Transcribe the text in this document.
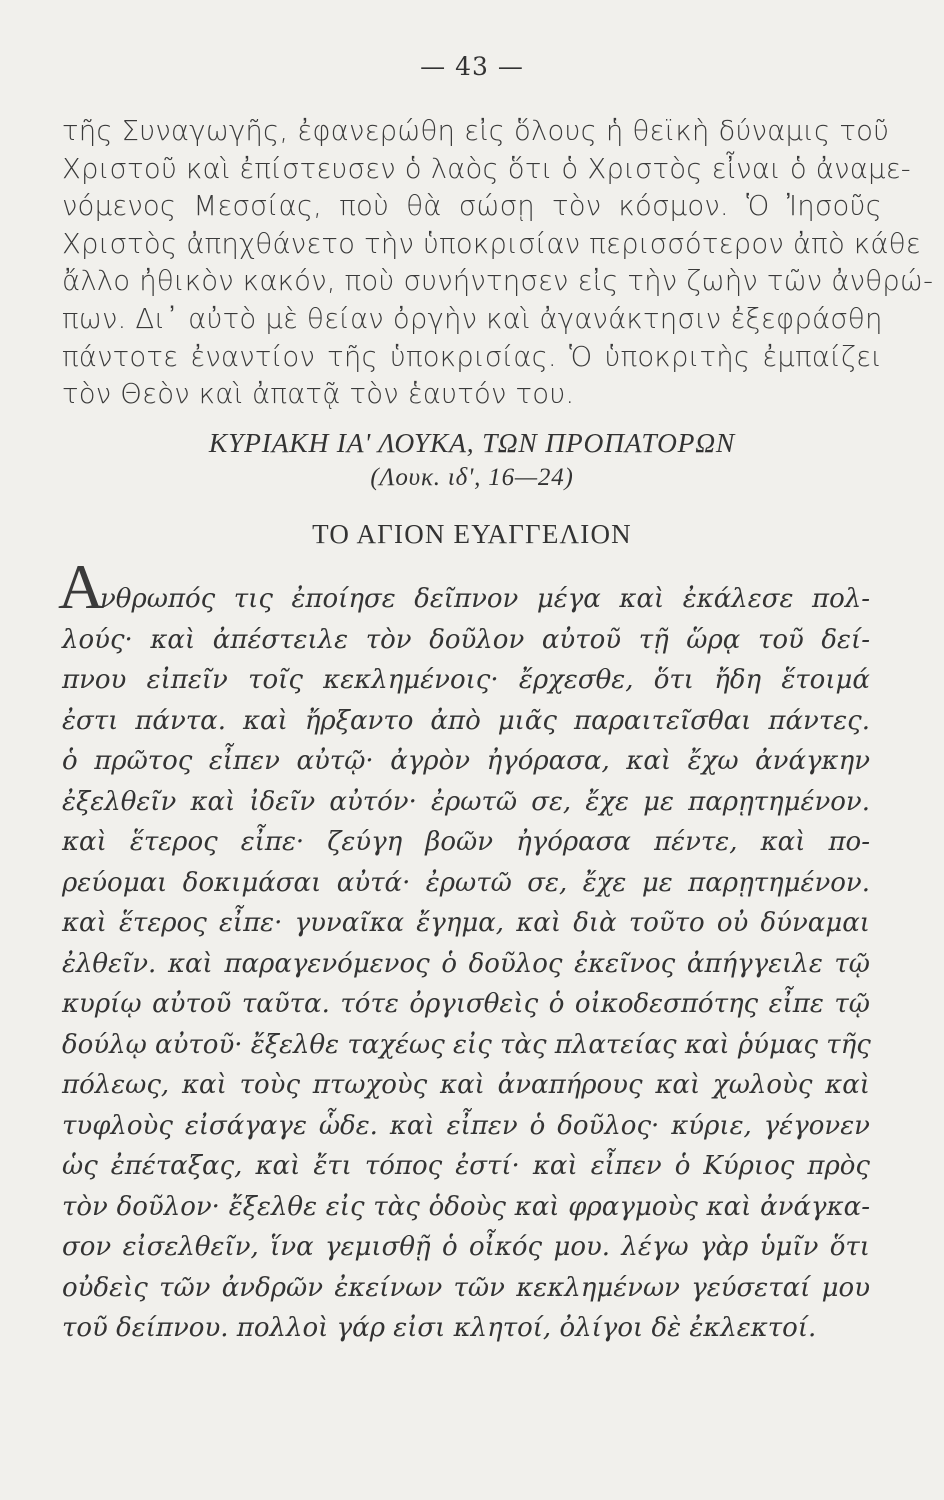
— 43 —
τῆς Συναγωγῆς, ἐφανερώθη εἰς ὅλους ἡ θεϊκὴ δύναμις τοῦ
Χριστοῦ καὶ ἐπίστευσεν ὁ λαὸς ὅτι ὁ Χριστὸς εἶναι ὁ ἀναμε-
νόμενος Μεσσίας, ποὺ θὰ σώσῃ τὸν κόσμον. Ὁ Ἰησοῦς
Χριστὸς ἀπηχθάνετο τὴν ὑποκρισίαν περισσότερον ἀπὸ κάθε
ἄλλο ἠθικὸν κακόν, ποὺ συνήντησεν εἰς τὴν ζωὴν τῶν ἀνθρώ-
πων. Δι᾿ αὐτὸ μὲ θείαν ὀργὴν καὶ ἀγανάκτησιν ἐξεφράσθη
πάντοτε ἐναντίον τῆς ὑποκρισίας. Ὁ ὑποκριτὴς ἐμπαίζει
τὸν Θεὸν καὶ ἀπατᾷ τὸν ἑαυτόν του.
ΚΥΡΙΑΚΗ ΙΑ' ΛΟΥΚΑ, ΤΩΝ ΠΡΟΠΑΤΟΡΩΝ
(Λουκ. ιδ', 16—24)
ΤΟ ΑΓΙΟΝ ΕΥΑΓΓΕΛΙΟΝ
Α
νθρωπός τις ἐποίησε δεῖπνον μέγα καὶ ἐκάλεσε πολ-
λούς· καὶ ἀπέστειλε τὸν δοῦλον αὐτοῦ τῇ ὥρᾳ τοῦ δεί-
πνου εἰπεῖν τοῖς κεκλημένοις· ἔρχεσθε, ὅτι ἤδη ἕτοιμά
ἐστι πάντα. καὶ ἤρξαντο ἀπὸ μιᾶς παραιτεῖσθαι πάντες.
ὁ πρῶτος εἶπεν αὐτῷ· ἀγρὸν ἠγόρασα, καὶ ἔχω ἀνάγκην
ἐξελθεῖν καὶ ἰδεῖν αὐτόν· ἐρωτῶ σε, ἔχε με παρῃτημένον.
καὶ ἕτερος εἶπε· ζεύγη βοῶν ἠγόρασα πέντε, καὶ πο-
ρεύομαι δοκιμάσαι αὐτά· ἐρωτῶ σε, ἔχε με παρῃτημένον.
καὶ ἕτερος εἶπε· γυναῖκα ἔγημα, καὶ διὰ τοῦτο οὐ δύναμαι
ἐλθεῖν. καὶ παραγενόμενος ὁ δοῦλος ἐκεῖνος ἀπήγγειλε τῷ
κυρίῳ αὐτοῦ ταῦτα. τότε ὀργισθεὶς ὁ οἰκοδεσπότης εἶπε τῷ
δούλῳ αὐτοῦ· ἔξελθε ταχέως εἰς τὰς πλατείας καὶ ῥύμας τῆς
πόλεως, καὶ τοὺς πτωχοὺς καὶ ἀναπήρους καὶ χωλοὺς καὶ
τυφλοὺς εἰσάγαγε ὧδε. καὶ εἶπεν ὁ δοῦλος· κύριε, γέγονεν
ὡς ἐπέταξας, καὶ ἔτι τόπος ἐστί· καὶ εἶπεν ὁ Κύριος πρὸς
τὸν δοῦλον· ἔξελθε εἰς τὰς ὁδοὺς καὶ φραγμοὺς καὶ ἀνάγκα-
σον εἰσελθεῖν, ἵνα γεμισθῇ ὁ οἶκός μου. λέγω γὰρ ὑμῖν ὅτι
οὐδεὶς τῶν ἀνδρῶν ἐκείνων τῶν κεκλημένων γεύσεταί μου
τοῦ δείπνου. πολλοὶ γάρ εἰσι κλητοί, ὀλίγοι δὲ ἐκλεκτοί.
